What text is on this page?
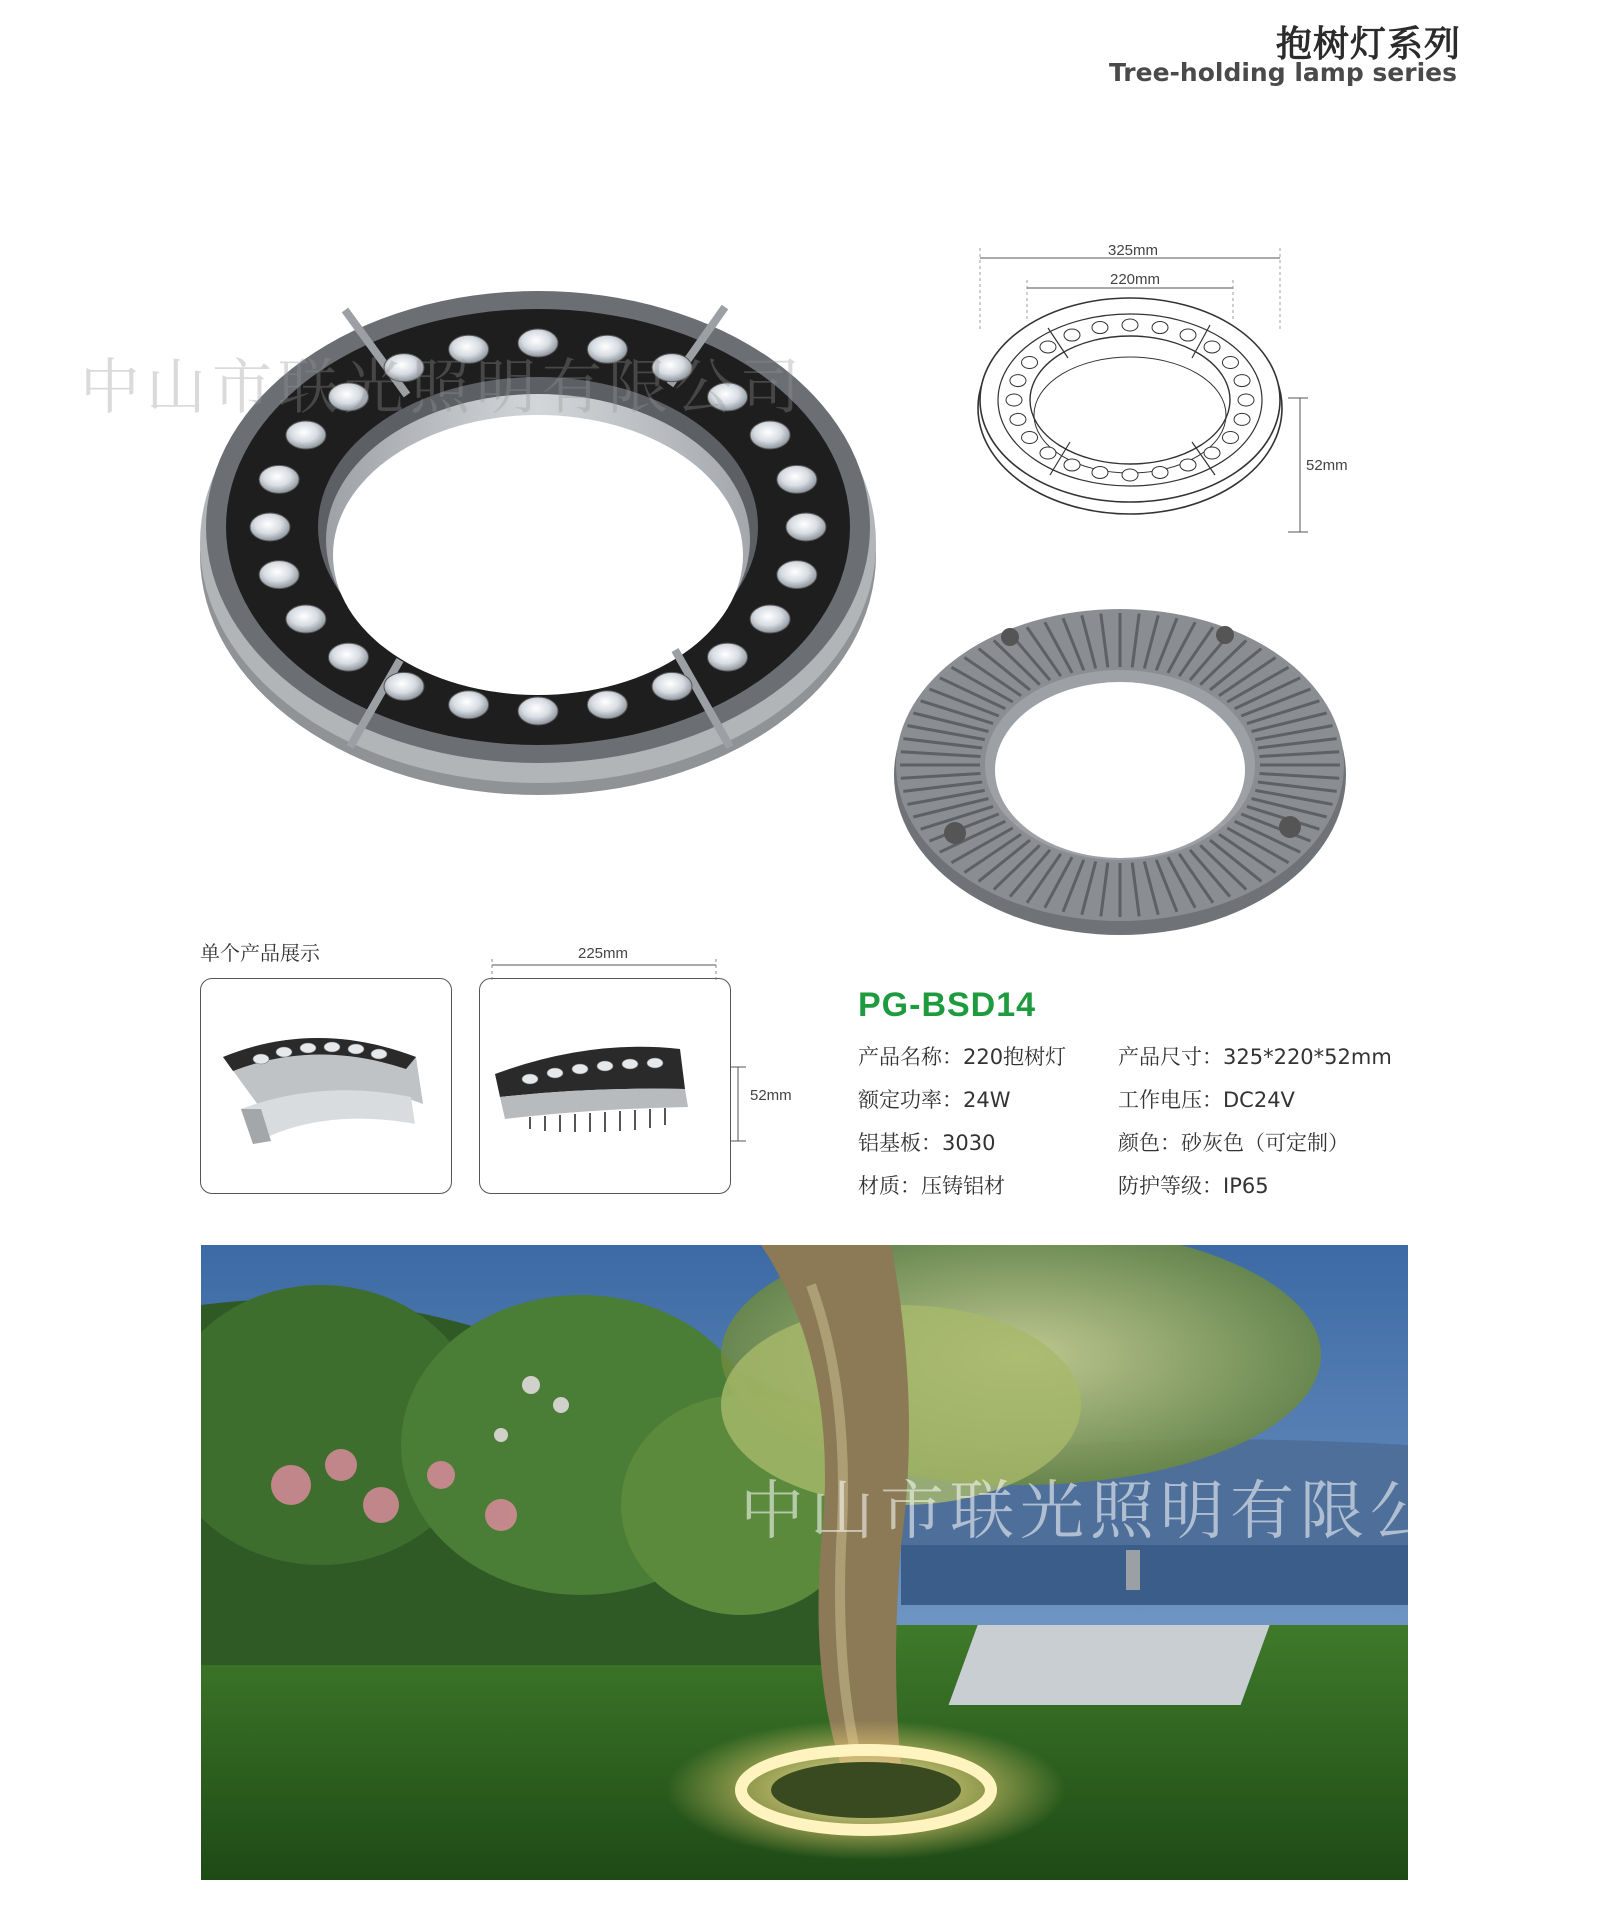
抱树灯系列
Tree-holding lamp series
中山市联光照明有限公司
325mm
220mm
52mm
单个产品展示	225mm
52mm
PG-BSD14
产品名称：220抱树灯 产品尺寸：325*220*52mm
额定功率：24W	工作电压：DC24V
铝基板：3030	颜色：砂灰色（可定制）
材质：压铸铝材	防护等级：IP65
中山市联光照明有限公司
